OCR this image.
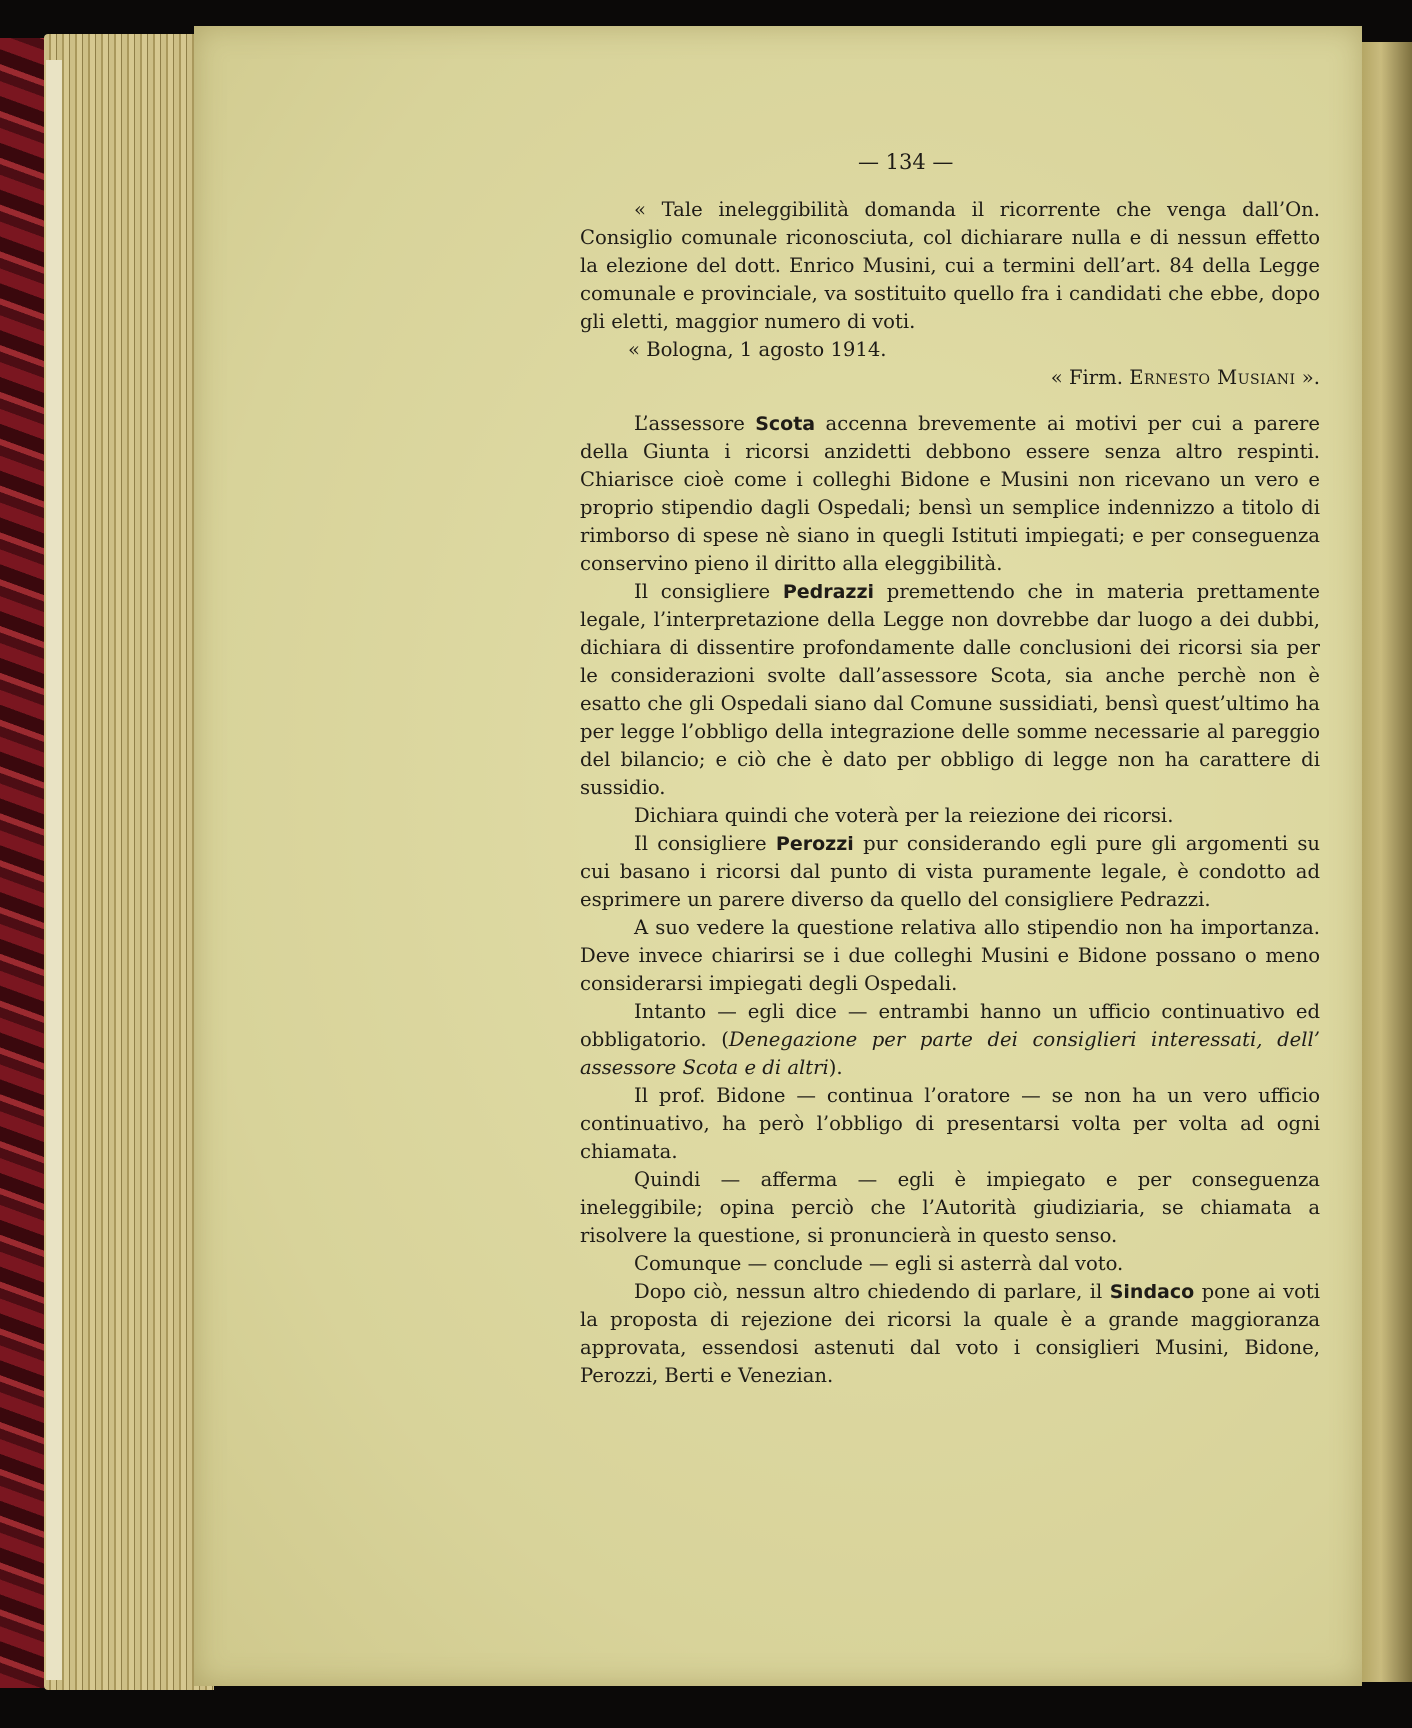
— 134 —

« Tale ineleggibilità domanda il ricorrente che venga dall’On. Consiglio comunale riconosciuta, col dichiarare nulla e di nessun effetto la elezione del dott. Enrico Musini, cui a termini dell’art. 84 della Legge comunale e provinciale, va sostituito quello fra i candidati che ebbe, dopo gli eletti, maggior numero di voti.

« Bologna, 1 agosto 1914.

« Firm. Ernesto Musiani ».

L’assessore Scota accenna brevemente ai motivi per cui a parere della Giunta i ricorsi anzidetti debbono essere senza altro respinti. Chiarisce cioè come i colleghi Bidone e Musini non ricevano un vero e proprio stipendio dagli Ospedali; bensì un semplice indennizzo a titolo di rimborso di spese nè siano in quegli Istituti impiegati; e per conseguenza conservino pieno il diritto alla eleggibilità.

Il consigliere Pedrazzi premettendo che in materia prettamente legale, l’interpretazione della Legge non dovrebbe dar luogo a dei dubbi, dichiara di dissentire profondamente dalle conclusioni dei ricorsi sia per le considerazioni svolte dall’assessore Scota, sia anche perchè non è esatto che gli Ospedali siano dal Comune sussidiati, bensì quest’ultimo ha per legge l’obbligo della integrazione delle somme necessarie al pareggio del bilancio; e ciò che è dato per obbligo di legge non ha carattere di sussidio.

Dichiara quindi che voterà per la reiezione dei ricorsi.

Il consigliere Perozzi pur considerando egli pure gli argomenti su cui basano i ricorsi dal punto di vista puramente legale, è condotto ad esprimere un parere diverso da quello del consigliere Pedrazzi.

A suo vedere la questione relativa allo stipendio non ha importanza. Deve invece chiarirsi se i due colleghi Musini e Bidone possano o meno considerarsi impiegati degli Ospedali.

Intanto — egli dice — entrambi hanno un ufficio continuativo ed obbligatorio. (Denegazione per parte dei consiglieri interessati, dell’ assessore Scota e di altri).

Il prof. Bidone — continua l’oratore — se non ha un vero ufficio continuativo, ha però l’obbligo di presentarsi volta per volta ad ogni chiamata.

Quindi — afferma — egli è impiegato e per conseguenza ineleggibile; opina perciò che l’Autorità giudiziaria, se chiamata a risolvere la questione, si pronuncierà in questo senso.

Comunque — conclude — egli si asterrà dal voto.

Dopo ciò, nessun altro chiedendo di parlare, il Sindaco pone ai voti la proposta di rejezione dei ricorsi la quale è a grande maggioranza approvata, essendosi astenuti dal voto i consiglieri Musini, Bidone, Perozzi, Berti e Venezian.
